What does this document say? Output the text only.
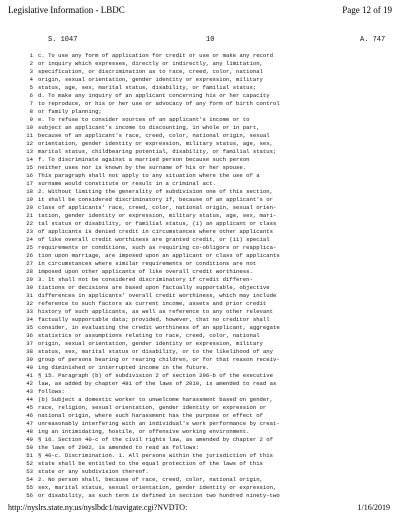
Legislative Information - LBDC	Page 12 of 19
S. 1047	10	A. 747
1 c. To use any form of application for credit or use or make any record
2 or inquiry which expresses, directly or indirectly, any limitation,
3 specification, or discrimination as to race, creed, color, national
4 origin, sexual orientation, gender identity or expression, military
5 status, age, sex, marital status, disability, or familial status;
6 d. To make any inquiry of an applicant concerning his or her capacity
7 to reproduce, or his or her use or advocacy of any form of birth control
8 or family planning;
9 e. To refuse to consider sources of an applicant's income or to
10 subject an applicant's income to discounting, in whole or in part,
11 because of an applicant's race, creed, color, national origin, sexual
12 orientation, gender identity or expression, military status, age, sex,
13 marital status, childbearing potential, disability, or familial status;
14 f. To discriminate against a married person because such person
15 neither uses nor is known by the surname of his or her spouse.
16 This paragraph shall not apply to any situation where the use of a
17 surname would constitute or result in a criminal act.
18 2. Without limiting the generality of subdivision one of this section,
19 it shall be considered discriminatory if, because of an applicant's or
20 class of applicants' race, creed, color, national origin, sexual orien-
21 tation, gender identity or expression, military status, age, sex, mari-
22 tal status or disability, or familial status, (i) an applicant or class
23 of applicants is denied credit in circumstances where other applicants
24 of like overall credit worthiness are granted credit, or (ii) special
25 requirements or conditions, such as requiring co-obligors or reapplica-
26 tion upon marriage, are imposed upon an applicant or class of applicants
27 in circumstances where similar requirements or conditions are not
28 imposed upon other applicants of like overall credit worthiness.
29 3. It shall not be considered discriminatory if credit differen-
30 tiations or decisions are based upon factually supportable, objective
31 differences in applicants' overall credit worthiness, which may include
32 reference to such factors as current income, assets and prior credit
33 history of such applicants, as well as reference to any other relevant
34 factually supportable data; provided, however, that no creditor shall
35 consider, in evaluating the credit worthiness of an applicant, aggregate
36 statistics or assumptions relating to race, creed, color, national
37 origin, sexual orientation, gender identity or expression, military
38 status, sex, marital status or disability, or to the likelihood of any
39 group of persons bearing or rearing children, or for that reason receiv-
40 ing diminished or interrupted income in the future.
41 § 15. Paragraph (b) of subdivision 2 of section 296-b of the executive
42 law, as added by chapter 481 of the laws of 2010, is amended to read as
43 follows:
44 (b) Subject a domestic worker to unwelcome harassment based on gender,
45 race, religion, sexual orientation, gender identity or expression or
46 national origin, where such harassment has the purpose or effect of
47 unreasonably interfering with an individual's work performance by creat-
48 ing an intimidating, hostile, or offensive working environment.
49 § 16. Section 40-c of the civil rights law, as amended by chapter 2 of
50 the laws of 2002, is amended to read as follows:
51 § 40-c. Discrimination. 1. All persons within the jurisdiction of this
52 state shall be entitled to the equal protection of the laws of this
53 state or any subdivision thereof.
54 2. No person shall, because of race, creed, color, national origin,
55 sex, marital status, sexual orientation, gender identity or expression,
56 or disability, as such term is defined in section two hundred ninety-two
http://nyslrs.state.ny.us/nyslbdc1/navigate.cgi?NVDTO:	1/16/2019
